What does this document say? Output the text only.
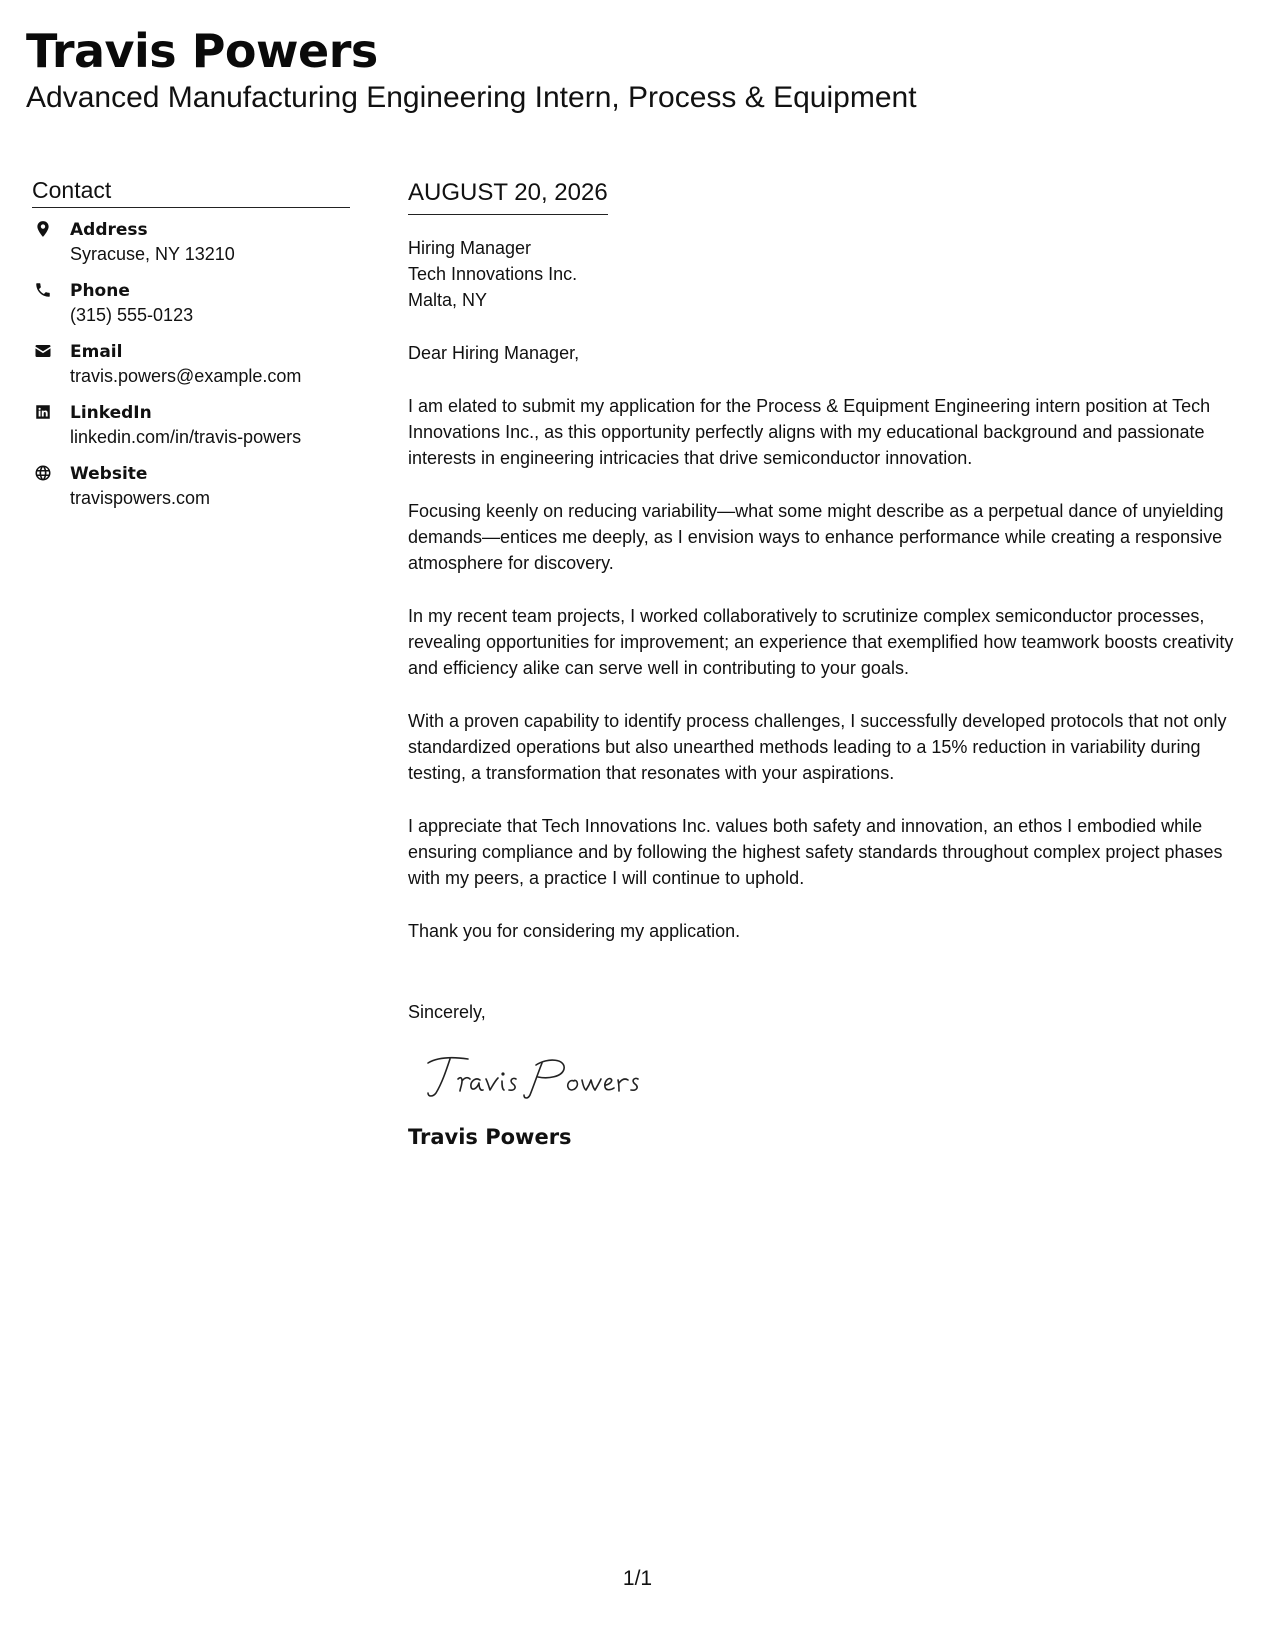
Travis Powers
Advanced Manufacturing Engineering Intern, Process & Equipment
Contact
Address
Syracuse, NY 13210
Phone
(315) 555-0123
Email
travis.powers@example.com
LinkedIn
linkedin.com/in/travis-powers
Website
travispowers.com
AUGUST 20, 2026
Hiring Manager
Tech Innovations Inc.
Malta, NY

Dear Hiring Manager,

I am elated to submit my application for the Process & Equipment Engineering intern position at Tech Innovations Inc., as this opportunity perfectly aligns with my educational background and passionate interests in engineering intricacies that drive semiconductor innovation.

Focusing keenly on reducing variability—what some might describe as a perpetual dance of unyielding demands—entices me deeply, as I envision ways to enhance performance while creating a responsive atmosphere for discovery.

In my recent team projects, I worked collaboratively to scrutinize complex semiconductor processes, revealing opportunities for improvement; an experience that exemplified how teamwork boosts creativity and efficiency alike can serve well in contributing to your goals.

With a proven capability to identify process challenges, I successfully developed protocols that not only standardized operations but also unearthed methods leading to a 15% reduction in variability during testing, a transformation that resonates with your aspirations.

I appreciate that Tech Innovations Inc. values both safety and innovation, an ethos I embodied while ensuring compliance and by following the highest safety standards throughout complex project phases with my peers, a practice I will continue to uphold.

Thank you for considering my application.

Sincerely,
Travis Powers
1/1
